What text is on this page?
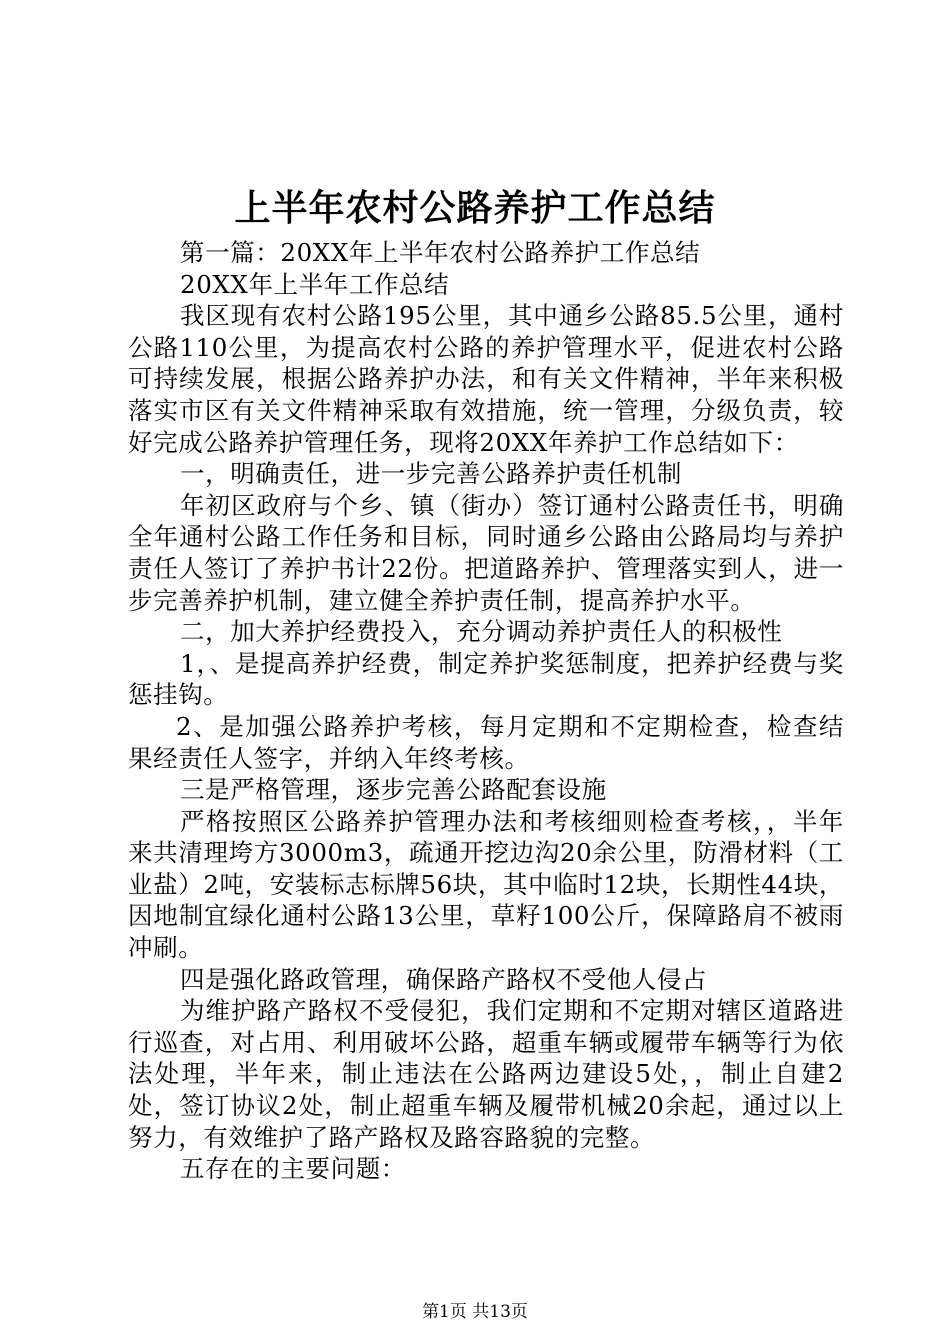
上半年农村公路养护工作总结

第一篇：20XX年上半年农村公路养护工作总结

20XX年上半年工作总结

我区现有农村公路195公里，其中通乡公路85.5公里，通村公路110公里，为提高农村公路的养护管理水平，促进农村公路可持续发展，根据公路养护办法，和有关文件精神，半年来积极落实市区有关文件精神采取有效措施，统一管理，分级负责，较好完成公路养护管理任务，现将20XX年养护工作总结如下：

一，明确责任，进一步完善公路养护责任机制

年初区政府与个乡、镇（街办）签订通村公路责任书，明确全年通村公路工作任务和目标，同时通乡公路由公路局均与养护责任人签订了养护书计22份。把道路养护、管理落实到人，进一步完善养护机制，建立健全养护责任制，提高养护水平。

二，加大养护经费投入，充分调动养护责任人的积极性

1，、是提高养护经费，制定养护奖惩制度，把养护经费与奖惩挂钩。

2、是加强公路养护考核，每月定期和不定期检查，检查结果经责任人签字，并纳入年终考核。

三是严格管理，逐步完善公路配套设施

严格按照区公路养护管理办法和考核细则检查考核，，半年来共清理垮方3000m3，疏通开挖边沟20余公里，防滑材料（工业盐）2吨，安装标志标牌56块，其中临时12块，长期性44块，因地制宜绿化通村公路13公里，草籽100公斤，保障路肩不被雨冲刷。

四是强化路政管理，确保路产路权不受他人侵占

为维护路产路权不受侵犯，我们定期和不定期对辖区道路进行巡查，对占用、利用破坏公路，超重车辆或履带车辆等行为依法处理，半年来，制止违法在公路两边建设5处，，制止自建2处，签订协议2处，制止超重车辆及履带机械20余起，通过以上努力，有效维护了路产路权及路容路貌的完整。

五存在的主要问题：

第1页 共13页
